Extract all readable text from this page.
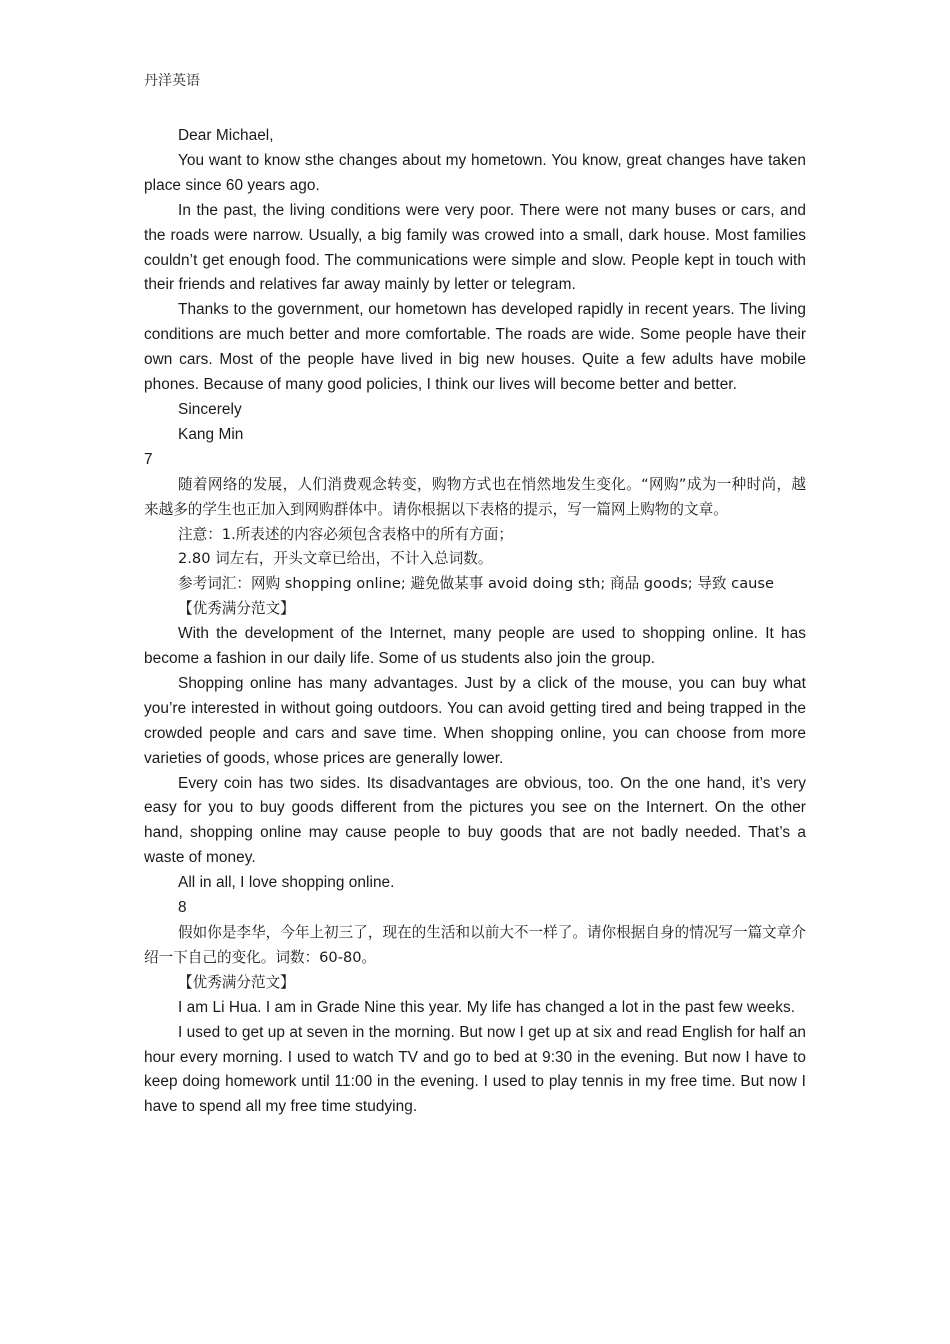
丹洋英语

Dear Michael,

You want to know sthe changes about my hometown. You know, great changes have taken place since 60 years ago.

In the past, the living conditions were very poor. There were not many buses or cars, and the roads were narrow. Usually, a big family was crowed into a small, dark house. Most families couldn’t get enough food. The communications were simple and slow. People kept in touch with their friends and relatives far away mainly by letter or telegram.

Thanks to the government, our hometown has developed rapidly in recent years. The living conditions are much better and more comfortable. The roads are wide. Some people have their own cars. Most of the people have lived in big new houses. Quite a few adults have mobile phones. Because of many good policies, I think our lives will become better and better.

Sincerely

Kang Min

7

随着网络的发展，人们消费观念转变，购物方式也在悄然地发生变化。“网购”成为一种时尚，越来越多的学生也正加入到网购群体中。请你根据以下表格的提示，写一篇网上购物的文章。

注意：1.所表述的内容必须包含表格中的所有方面；

2.80 词左右，开头文章已给出，不计入总词数。

参考词汇：网购 shopping online; 避免做某事 avoid doing sth; 商品 goods; 导致 cause

【优秀满分范文】

With the development of the Internet, many people are used to shopping online. It has become a fashion in our daily life. Some of us students also join the group.

Shopping online has many advantages. Just by a click of the mouse, you can buy what you’re interested in without going outdoors. You can avoid getting tired and being trapped in the crowded people and cars and save time. When shopping online, you can choose from more varieties of goods, whose prices are generally lower.

Every coin has two sides. Its disadvantages are obvious, too. On the one hand, it’s very easy for you to buy goods different from the pictures you see on the Internert. On the other hand, shopping online may cause people to buy goods that are not badly needed. That’s a waste of money.

All in all, I love shopping online.

8

假如你是李华，今年上初三了，现在的生活和以前大不一样了。请你根据自身的情况写一篇文章介绍一下自己的变化。词数：60-80。

【优秀满分范文】

I am Li Hua. I am in Grade Nine this year. My life has changed a lot in the past few weeks.

I used to get up at seven in the morning. But now I get up at six and read English for half an hour every morning. I used to watch TV and go to bed at 9:30 in the evening. But now I have to keep doing homework until 11:00 in the evening. I used to play tennis in my free time. But now I have to spend all my free time studying.
